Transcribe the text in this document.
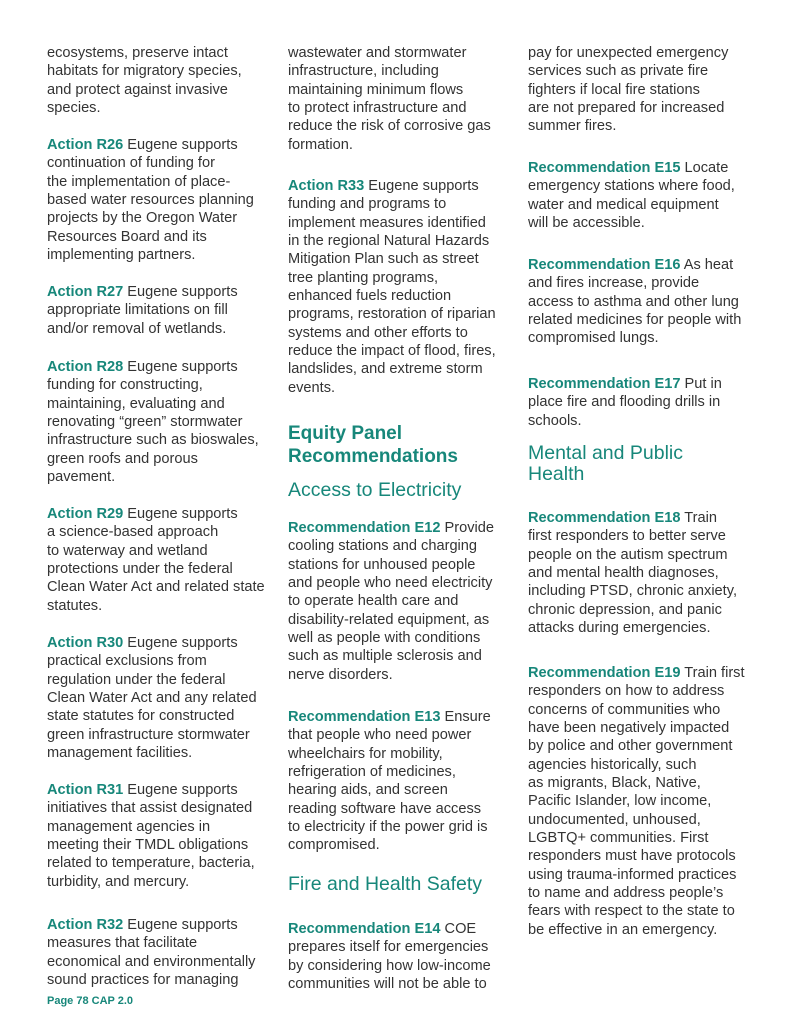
ecosystems, preserve intact
habitats for migratory species,
and protect against invasive
species.
Action R26 Eugene supports
continuation of funding for
the implementation of place-
based water resources planning
projects by the Oregon Water
Resources Board and its
implementing partners.
Action R27 Eugene supports
appropriate limitations on fill
and/or removal of wetlands.
Action R28 Eugene supports
funding for constructing,
maintaining, evaluating and
renovating “green” stormwater
infrastructure such as bioswales,
green roofs and porous
pavement.
Action R29 Eugene supports
a science-based approach
to waterway and wetland
protections under the federal
Clean Water Act and related state
statutes.
Action R30 Eugene supports
practical exclusions from
regulation under the federal
Clean Water Act and any related
state statutes for constructed
green infrastructure stormwater
management facilities.
Action R31 Eugene supports
initiatives that assist designated
management agencies in
meeting their TMDL obligations
related to temperature, bacteria,
turbidity, and mercury.
Action R32 Eugene supports
measures that facilitate
economical and environmentally
sound practices for managing
wastewater and stormwater
infrastructure, including
maintaining minimum flows
to protect infrastructure and
reduce the risk of corrosive gas
formation.
Action R33 Eugene supports
funding and programs to
implement measures identified
in the regional Natural Hazards
Mitigation Plan such as street
tree planting programs,
enhanced fuels reduction
programs, restoration of riparian
systems and other efforts to
reduce the impact of flood, fires,
landslides, and extreme storm
events.
Equity Panel
Recommendations
Access to Electricity
Recommendation E12 Provide
cooling stations and charging
stations for unhoused people
and people who need electricity
to operate health care and
disability-related equipment, as
well as people with conditions
such as multiple sclerosis and
nerve disorders.
Recommendation E13 Ensure
that people who need power
wheelchairs for mobility,
refrigeration of medicines,
hearing aids, and screen
reading software have access
to electricity if the power grid is
compromised.
Fire and Health Safety
Recommendation E14 COE
prepares itself for emergencies
by considering how low-income
communities will not be able to
pay for unexpected emergency
services such as private fire
fighters if local fire stations
are not prepared for increased
summer fires.
Recommendation E15 Locate
emergency stations where food,
water and medical equipment
will be accessible.
Recommendation E16 As heat
and fires increase, provide
access to asthma and other lung
related medicines for people with
compromised lungs.
Recommendation E17 Put in
place fire and flooding drills in
schools.
Mental and Public
Health
Recommendation E18 Train
first responders to better serve
people on the autism spectrum
and mental health diagnoses,
including PTSD, chronic anxiety,
chronic depression, and panic
attacks during emergencies.
Recommendation E19 Train first
responders on how to address
concerns of communities who
have been negatively impacted
by police and other government
agencies historically, such
as migrants, Black, Native,
Pacific Islander, low income,
undocumented, unhoused,
LGBTQ+ communities. First
responders must have protocols
using trauma-informed practices
to name and address people’s
fears with respect to the state to
be effective in an emergency.
Page 78 CAP 2.0
